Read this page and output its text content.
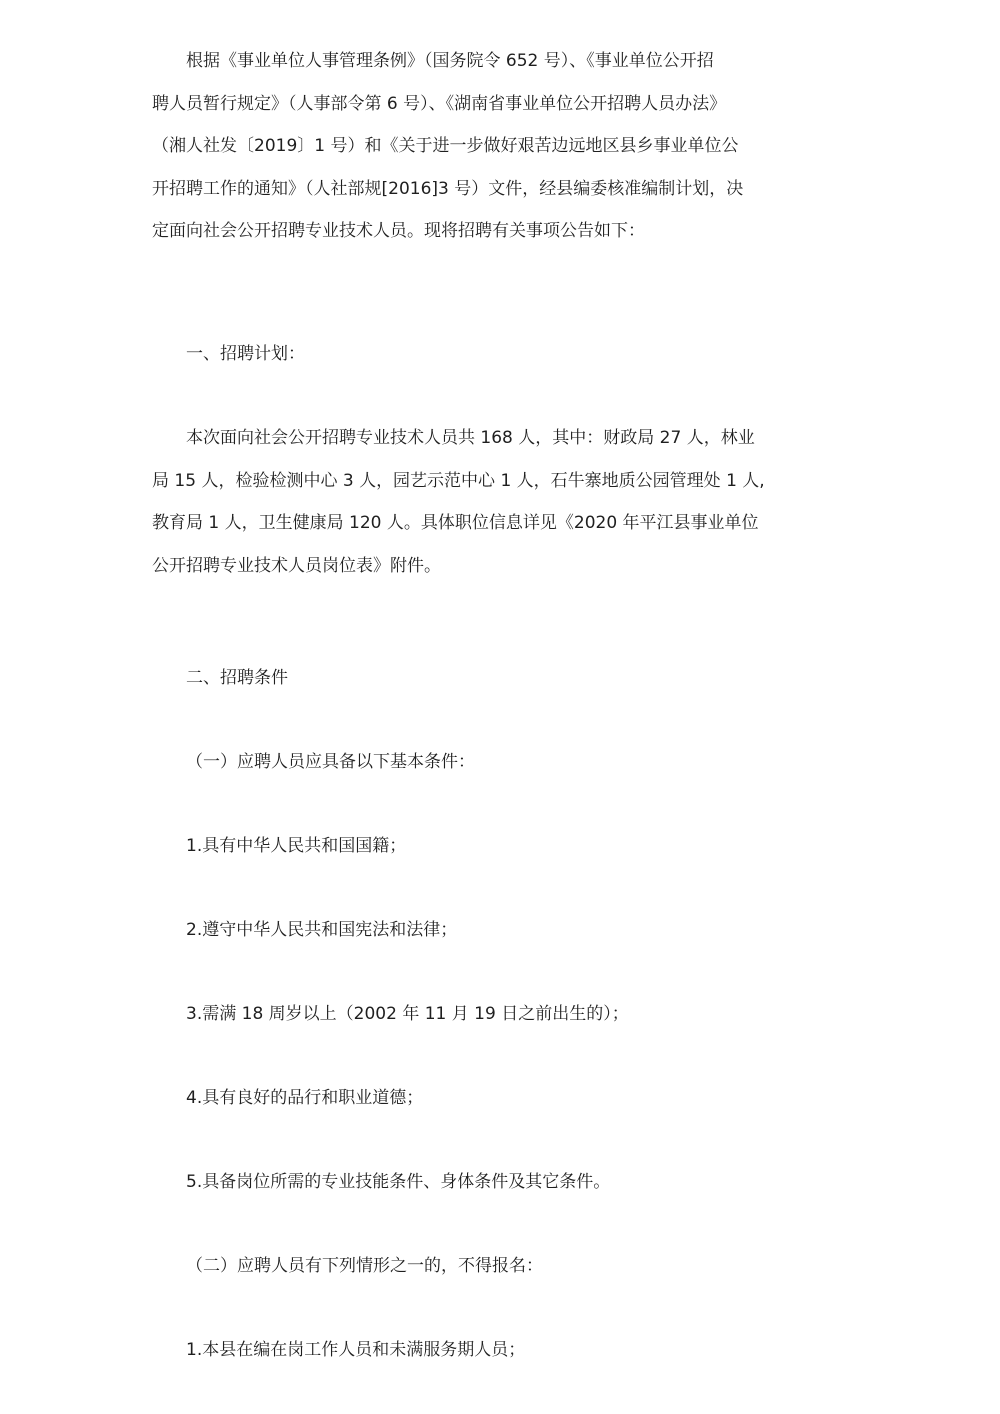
根据《事业单位人事管理条例》（国务院令 652 号）、《事业单位公开招
聘人员暂行规定》（人事部令第 6 号）、《湖南省事业单位公开招聘人员办法》
（湘人社发〔2019〕1 号）和《关于进一步做好艰苦边远地区县乡事业单位公
开招聘工作的通知》（人社部规[2016]3 号）文件，经县编委核准编制计划，决
定面向社会公开招聘专业技术人员。现将招聘有关事项公告如下：

一、招聘计划：

本次面向社会公开招聘专业技术人员共 168 人，其中：财政局 27 人，林业
局 15 人，检验检测中心 3 人，园艺示范中心 1 人，石牛寨地质公园管理处 1 人,
教育局 1 人，卫生健康局 120 人。具体职位信息详见《2020 年平江县事业单位
公开招聘专业技术人员岗位表》附件。

二、招聘条件

（一）应聘人员应具备以下基本条件：

1.具有中华人民共和国国籍；

2.遵守中华人民共和国宪法和法律；

3.需满 18 周岁以上（2002 年 11 月 19 日之前出生的）；

4.具有良好的品行和职业道德；

5.具备岗位所需的专业技能条件、身体条件及其它条件。

（二）应聘人员有下列情形之一的，不得报名：

1.本县在编在岗工作人员和未满服务期人员；
